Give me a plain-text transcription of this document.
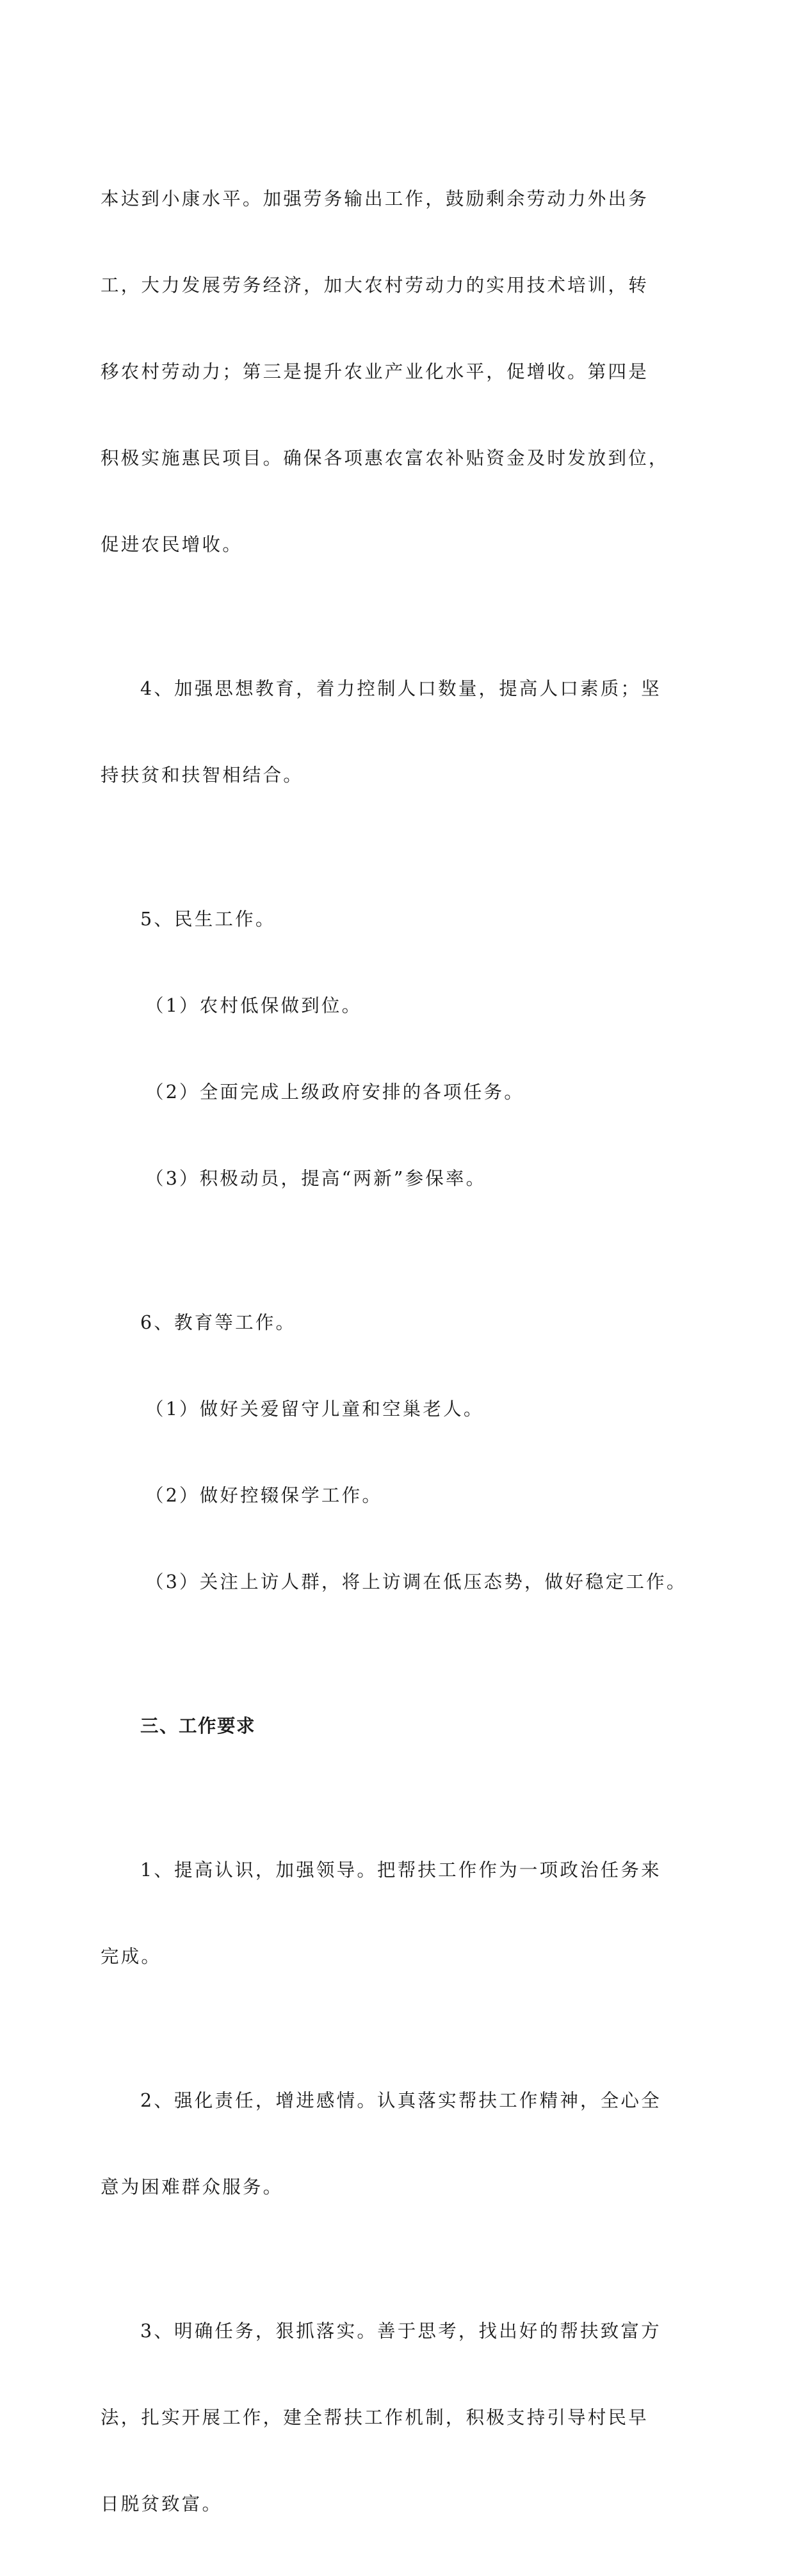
本达到小康水平。加强劳务输出工作，鼓励剩余劳动力外出务

工，大力发展劳务经济，加大农村劳动力的实用技术培训，转

移农村劳动力；第三是提升农业产业化水平，促增收。第四是

积极实施惠民项目。确保各项惠农富农补贴资金及时发放到位，

促进农民增收。

4、加强思想教育，着力控制人口数量，提高人口素质；坚

持扶贫和扶智相结合。

5、民生工作。

（1）农村低保做到位。

（2）全面完成上级政府安排的各项任务。

（3）积极动员，提高“两新”参保率。

6、教育等工作。

（1）做好关爱留守儿童和空巢老人。

（2）做好控辍保学工作。

（3）关注上访人群，将上访调在低压态势，做好稳定工作。

三、工作要求

1、提高认识，加强领导。把帮扶工作作为一项政治任务来

完成。

2、强化责任，增进感情。认真落实帮扶工作精神，全心全

意为困难群众服务。

3、明确任务，狠抓落实。善于思考，找出好的帮扶致富方

法，扎实开展工作，建全帮扶工作机制，积极支持引导村民早

日脱贫致富。
